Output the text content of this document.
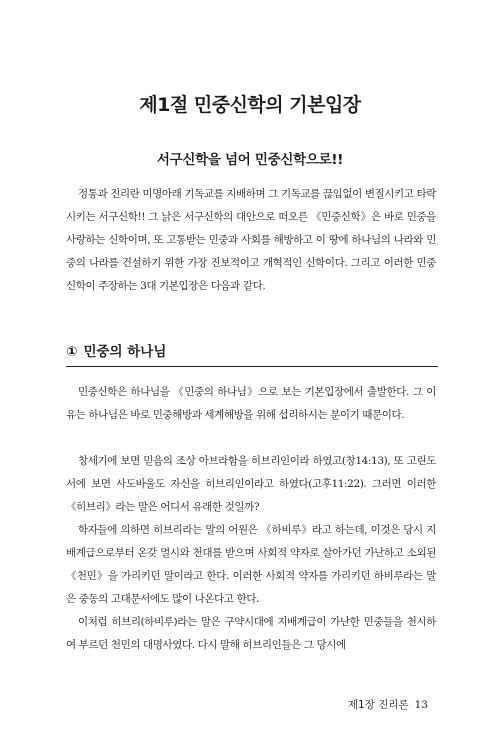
제1절 민중신학의 기본입장
서구신학을 넘어 민중신학으로!!

정통과 진리란 미명아래 기독교를 지배하며 그 기독교를 끊임없이 변질시키고 타락시키는 서구신학!! 그 낡은 서구신학의 대안으로 떠오른 《민중신학》은 바로 민중을 사랑하는 신학이며, 또 고통받는 민중과 사회를 해방하고 이 땅에 하나님의 나라와 민중의 나라를 건설하기 위한 가장 진보적이고 개혁적인 신학이다. 그리고 이러한 민중신학이 주장하는 3대 기본입장은 다음과 같다.

① 민중의 하나님

민중신학은 하나님을 《민중의 하나님》으로 보는 기본입장에서 출발한다. 그 이유는 하나님은 바로 민중해방과 세계해방을 위해 섭리하시는 분이기 때문이다.

창세기에 보면 믿음의 조상 아브라함을 히브리인이라 하였고(창14:13), 또 고린도서에 보면 사도바울도 자신을 히브리인이라고 하였다(고후11:22). 그러면 이러한 《히브리》라는 말은 어디서 유래한 것일까?

학자들에 의하면 히브리라는 말의 어원은 《하비루》라고 하는데, 이것은 당시 지배계급으로부터 온갖 멸시와 천대를 받으며 사회적 약자로 살아가던 가난하고 소외된 《천민》을 가리키던 말이라고 한다. 이러한 사회적 약자를 가리키던 하비루라는 말은 중동의 고대문서에도 많이 나온다고 한다.

이처럼 히브리(하비루)라는 말은 구약시대에 지배계급이 가난한 민중들을 천시하여 부르던 천민의 대명사였다. 다시 말해 히브리인들은 그 당시에

제1장 진리론 13
